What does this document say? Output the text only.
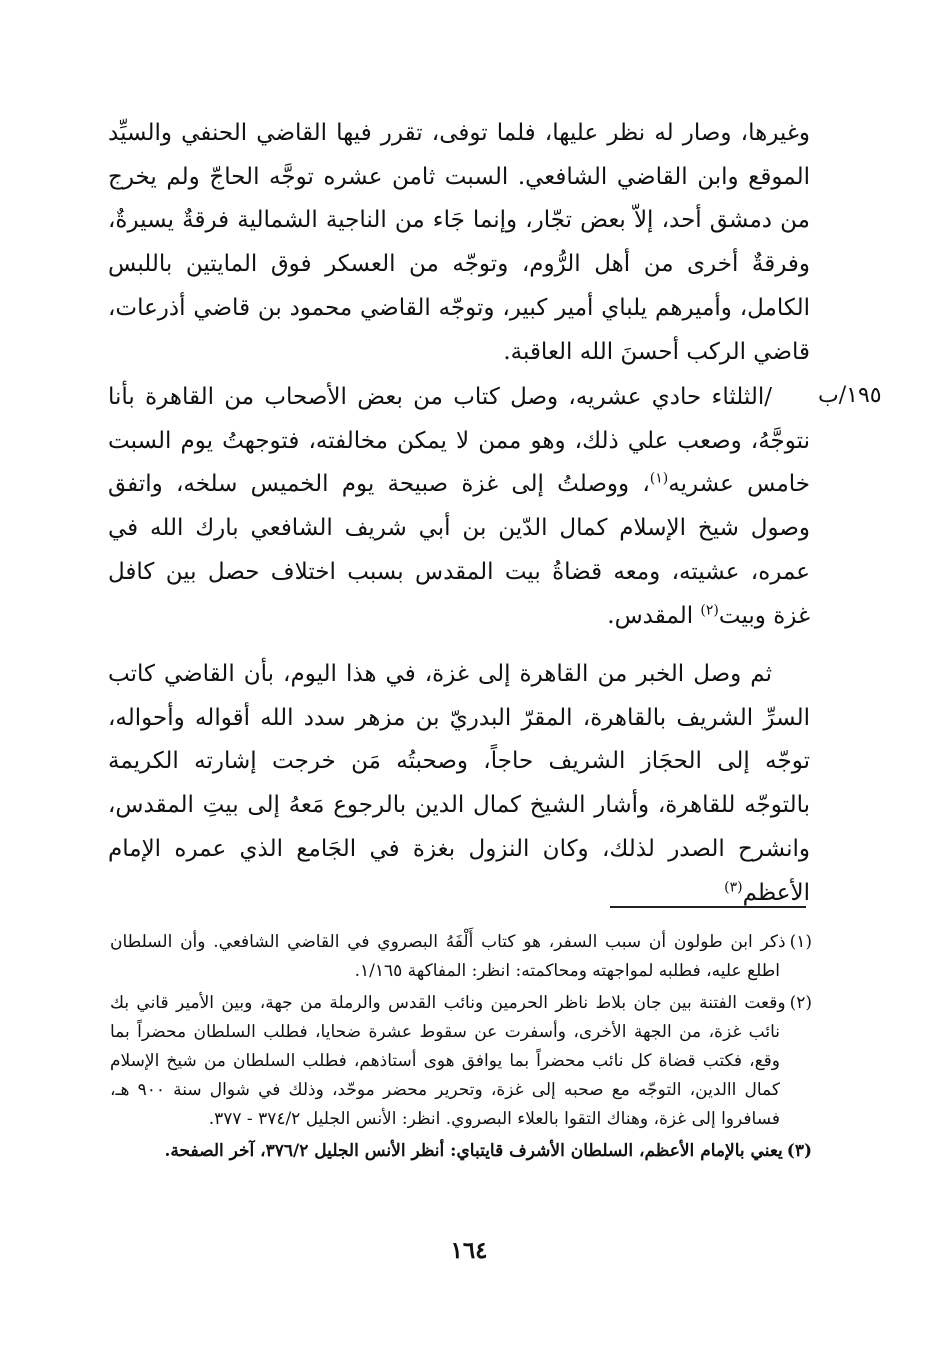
١٩٥/ب

وغيرها، وصار له نظر عليها، فلما توفى، تقرر فيها القاضي الحنفي والسيِّد الموقع وابن القاضي الشافعي. السبت ثامن عشره توجَّه الحاجّ ولم يخرج من دمشق أحد، إلاّ بعض تجّار، وإنما جَاء من الناجية الشمالية فرقةٌ يسيرةٌ، وفرقةٌ أخرى من أهل الرُّوم، وتوجّه من العسكر فوق المايتين باللبس الكامل، وأميرهم يلباي أمير كبير، وتوجّه القاضي محمود بن قاضي أذرعات، قاضي الركب أحسنَ الله العاقبة.

/الثلثاء حادي عشريه، وصل كتاب من بعض الأصحاب من القاهرة بأنا نتوجَّهُ، وصعب علي ذلك، وهو ممن لا يمكن مخالفته، فتوجهتُ يوم السبت خامس عشريه$^{(١)}$، ووصلتُ إلى غزة صبيحة يوم الخميس سلخه، واتفق وصول شيخ الإسلام كمال الدّين بن أبي شريف الشافعي بارك الله في عمره، عشيته، ومعه قضاةُ بيت المقدس بسبب اختلاف حصل بين كافل غزة وبيت$^{(٢)}$ المقدس.

ثم وصل الخبر من القاهرة إلى غزة، في هذا اليوم، بأن القاضي كاتب السرِّ الشريف بالقاهرة، المقرّ البدريّ بن مزهر سدد الله أقواله وأحواله، توجّه إلى الحجَاز الشريف حاجاً، وصحبتُه مَن خرجت إشارته الكريمة بالتوجّه للقاهرة، وأشار الشيخ كمال الدين بالرجوع مَعهُ إلى بيتِ المقدس، وانشرح الصدر لذلك، وكان النزول بغزة في الجَامع الذي عمره الإمام الأعظم$^{(٣)}$

(١)ذكر ابن طولون أن سبب السفر، هو كتاب أَلْفَهُ البصروي في القاضي الشافعي. وأن السلطان اطلع عليه، فطلبه لمواجهته ومحاكمته: انظر: المفاكهة ١/١٦٥.

(٢)وقعت الفتنة بين جان بلاط ناظر الحرمين ونائب القدس والرملة من جهة، وبين الأمير قاني بك نائب غزة، من الجهة الأخرى، وأسفرت عن سقوط عشرة ضحايا، فطلب السلطان محضراً بما وقع، فكتب قضاة كل نائب محضراً بما يوافق هوى أستاذهم، فطلب السلطان من شيخ الإسلام كمال االدين، التوجّه مع صحبه إلى غزة، وتحرير محضر موحّد، وذلك في شوال سنة ٩٠٠ هـ، فسافروا إلى غزة، وهناك التقوا بالعلاء البصروي. انظر: الأنس الجليل ٣٧٤/٢ - ٣٧٧.

(٣)يعني بالإمام الأعظم، السلطان الأشرف قايتباي: أنظر الأنس الجليل ٣٧٦/٢، آخر الصفحة.

١٦٤
